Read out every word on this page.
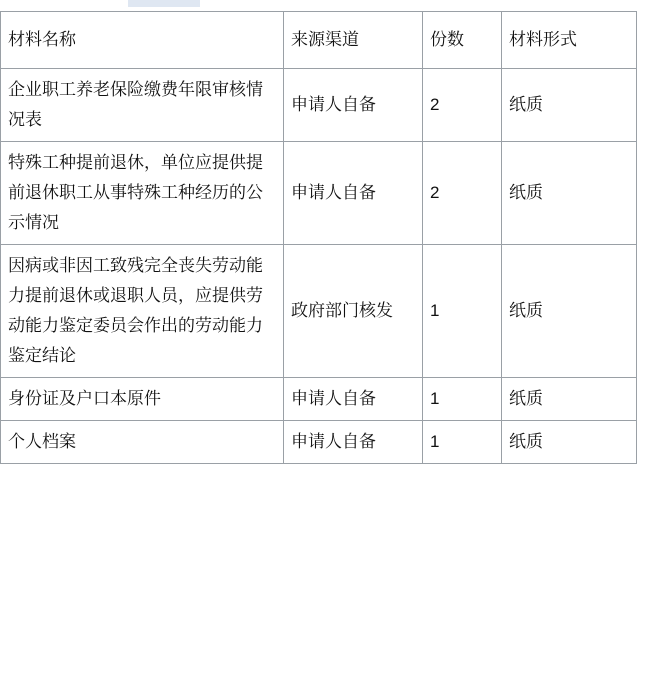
材料名称	来源渠道	份数	材料形式
企业职工养老保险缴费年限审核情况表	申请人自备	2	纸质
特殊工种提前退休，单位应提供提前退休职工从事特殊工种经历的公示情况	申请人自备	2	纸质
因病或非因工致残完全丧失劳动能力提前退休或退职人员，应提供劳动能力鉴定委员会作出的劳动能力鉴定结论	政府部门核发	1	纸质
身份证及户口本原件	申请人自备	1	纸质
个人档案	申请人自备	1	纸质
